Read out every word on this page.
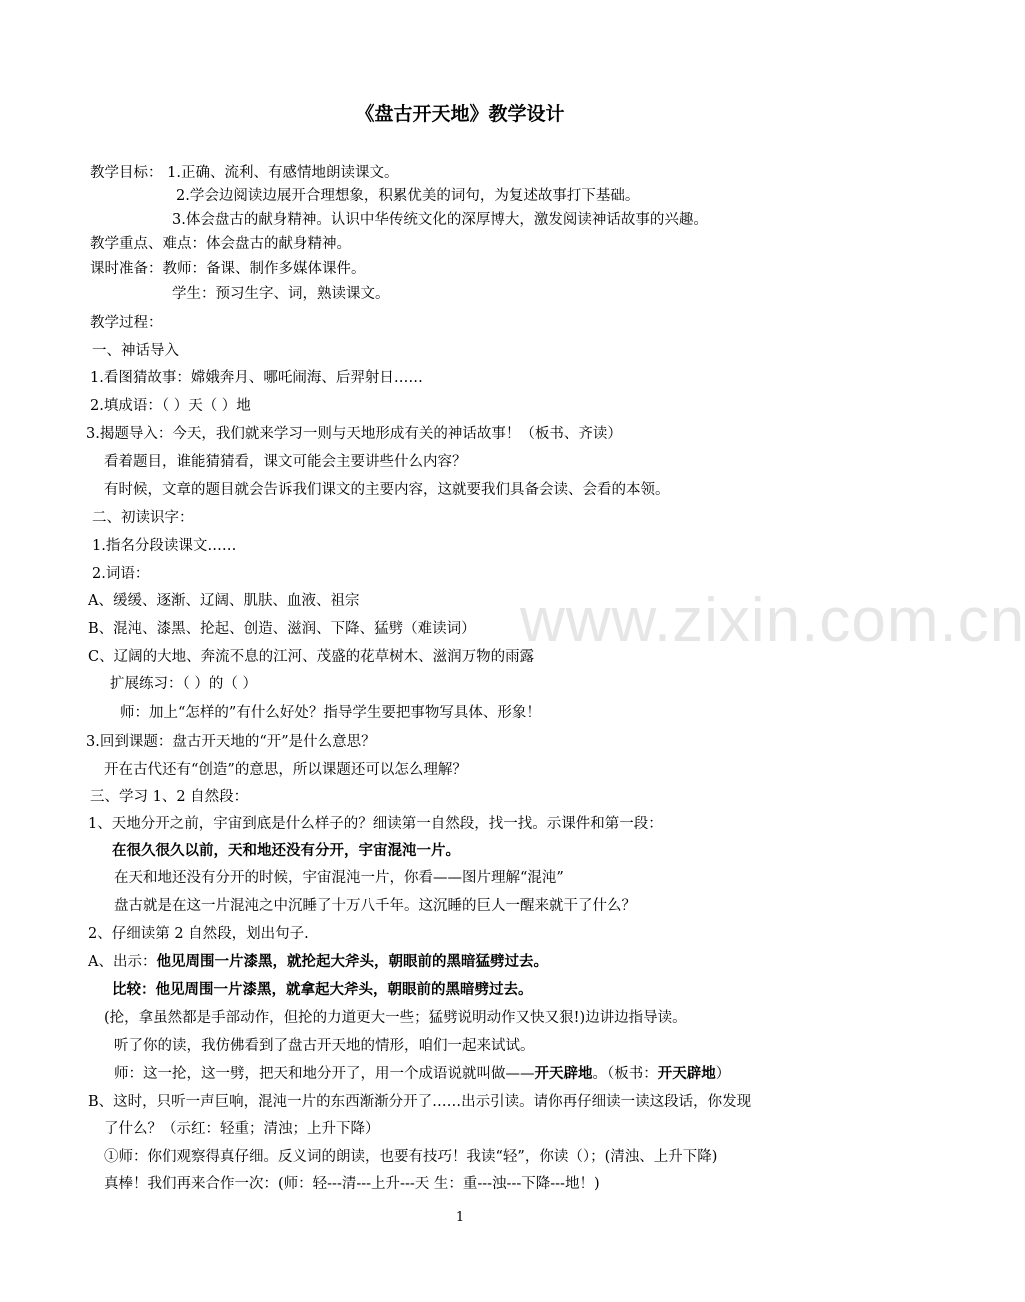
www.zixin.com.cn
《盘古开天地》教学设计
教学目标： 1.正确、流利、有感情地朗读课文。
2.学会边阅读边展开合理想象，积累优美的词句，为复述故事打下基础。
3.体会盘古的献身精神。认识中华传统文化的深厚博大，激发阅读神话故事的兴趣。
教学重点、难点：体会盘古的献身精神。
课时准备：教师：备课、制作多媒体课件。
学生：预习生字、词，熟读课文。
教学过程：
一、神话导入
1.看图猜故事：嫦娥奔月、哪吒闹海、后羿射日……
2.填成语：（ ）天（ ）地
3.揭题导入：今天，我们就来学习一则与天地形成有关的神话故事！（板书、齐读）
看着题目，谁能猜猜看，课文可能会主要讲些什么内容？
有时候，文章的题目就会告诉我们课文的主要内容，这就要我们具备会读、会看的本领。
二、初读识字：
1.指名分段读课文……
2.词语：
A、缓缓、逐渐、辽阔、肌肤、血液、祖宗
B、混沌、漆黑、抡起、创造、滋润、下降、猛劈（难读词）
C、辽阔的大地、奔流不息的江河、茂盛的花草树木、滋润万物的雨露
扩展练习：（ ）的（ ）
师：加上“怎样的”有什么好处？指导学生要把事物写具体、形象！
3.回到课题：盘古开天地的“开”是什么意思？
开在古代还有“创造”的意思，所以课题还可以怎么理解？
三、学习 1、2 自然段：
1、天地分开之前，宇宙到底是什么样子的？细读第一自然段，找一找。示课件和第一段：
在很久很久以前，天和地还没有分开，宇宙混沌一片。
在天和地还没有分开的时候，宇宙混沌一片，你看——图片理解“混沌”
盘古就是在这一片混沌之中沉睡了十万八千年。这沉睡的巨人一醒来就干了什么？
2、仔细读第 2 自然段，划出句子.
A、出示：他见周围一片漆黑，就抡起大斧头，朝眼前的黑暗猛劈过去。
比较：他见周围一片漆黑，就拿起大斧头，朝眼前的黑暗劈过去。
(抡，拿虽然都是手部动作，但抡的力道更大一些；猛劈说明动作又快又狠!)边讲边指导读。
听了你的读，我仿佛看到了盘古开天地的情形，咱们一起来试试。
师：这一抡，这一劈，把天和地分开了，用一个成语说就叫做——开天辟地。（板书：开天辟地）
B、这时，只听一声巨响，混沌一片的东西渐渐分开了……出示引读。请你再仔细读一读这段话，你发现
了什么？（示红：轻重；清浊；上升下降）
①师：你们观察得真仔细。反义词的朗读，也要有技巧！我读“轻”，你读（）；(清浊、上升下降)
真棒！我们再来合作一次：(师：轻---清---上升---天 生：重---浊---下降---地！)
1
